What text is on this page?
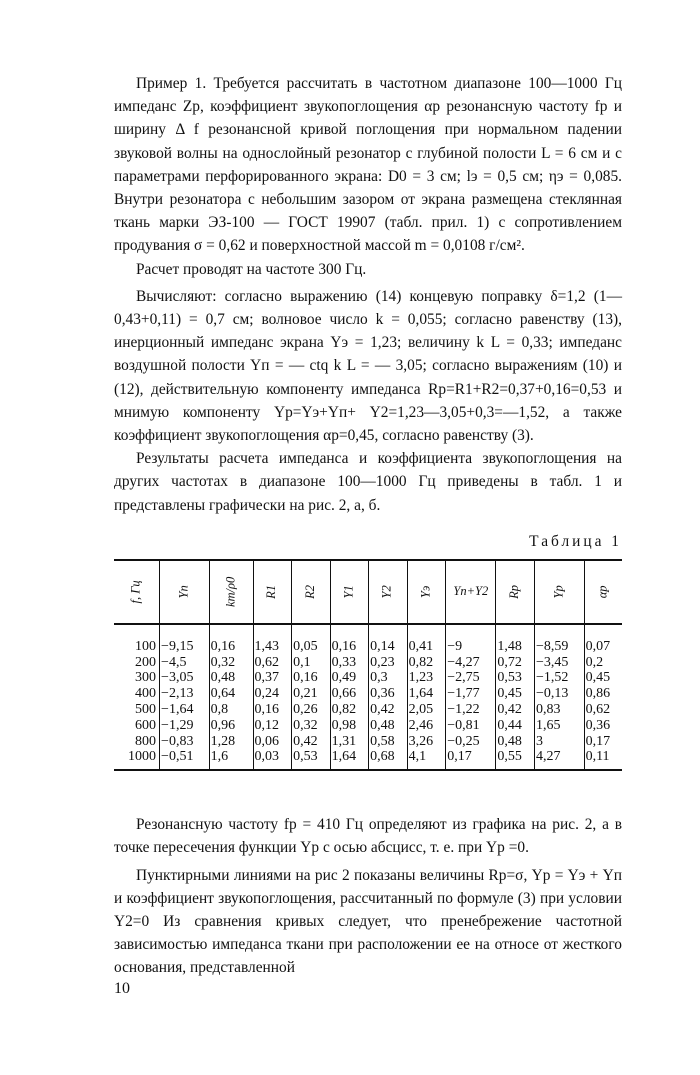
Пример 1. Требуется рассчитать в частотном диапазоне 100—1000 Гц импеданс Zр, коэффициент звукопоглощения αр резонансную частоту fр и ширину Δ f резонансной кривой поглощения при нормальном падении звуковой волны на однослойный резонатор с глубиной полости L = 6 см и с параметрами перфорированного экрана: D0 = 3 см; lэ = 0,5 см; ηэ = 0,085. Внутри резонатора с небольшим зазором от экрана размещена стеклянная ткань марки ЭЗ-100 — ГОСТ 19907 (табл. прил. 1) с сопротивлением продувания σ = 0,62 и поверхностной массой m = 0,0108 г/см².

Расчет проводят на частоте 300 Гц.

Вычисляют: согласно выражению (14) концевую поправку δ=1,2 (1—0,43+0,11) = 0,7 см; волновое число k = 0,055; согласно равенству (13), инерционный импеданс экрана Yэ = 1,23; величину k L = 0,33; импеданс воздушной полости Yп = — ctq k L = — 3,05; согласно выражениям (10) и (12), действительную компоненту импеданса Rр=R1+R2=0,37+0,16=0,53 и мнимую компоненту Yр=Yэ+Yп+ Y2=1,23—3,05+0,3=—1,52, а также коэффициент звукопоглощения αр=0,45, согласно равенству (3).

Результаты расчета импеданса и коэффициента звукопоглощения на других частотах в диапазоне 100—1000 Гц приведены в табл. 1 и представлены графически на рис. 2, а, б.

Таблица 1
f, Гц	Yп	km/ρ0	R1	R2	Y1	Y2	Yэ	Yп+Y2	Rр	Yр	αр
100	−9,15	0,16	1,43	0,05	0,16	0,14	0,41	−9	1,48	−8,59	0,07
200	−4,5	0,32	0,62	0,1	0,33	0,23	0,82	−4,27	0,72	−3,45	0,2
300	−3,05	0,48	0,37	0,16	0,49	0,3	1,23	−2,75	0,53	−1,52	0,45
400	−2,13	0,64	0,24	0,21	0,66	0,36	1,64	−1,77	0,45	−0,13	0,86
500	−1,64	0,8	0,16	0,26	0,82	0,42	2,05	−1,22	0,42	0,83	0,62
600	−1,29	0,96	0,12	0,32	0,98	0,48	2,46	−0,81	0,44	1,65	0,36
800	−0,83	1,28	0,06	0,42	1,31	0,58	3,26	−0,25	0,48	3	0,17
1000	−0,51	1,6	0,03	0,53	1,64	0,68	4,1	0,17	0,55	4,27	0,11

Резонансную частоту fр = 410 Гц определяют из графика на рис. 2, а в точке пересечения функции Yр с осью абсцисс, т. е. при Yр =0.

Пунктирными линиями на рис 2 показаны величины Rр=σ, Yр = Yэ + Yп и коэффициент звукопоглощения, рассчитанный по формуле (3) при условии Y2=0 Из сравнения кривых следует, что пренебрежение частотной зависимостью импеданса ткани при расположении ее на относе от жесткого основания, представленной

10
